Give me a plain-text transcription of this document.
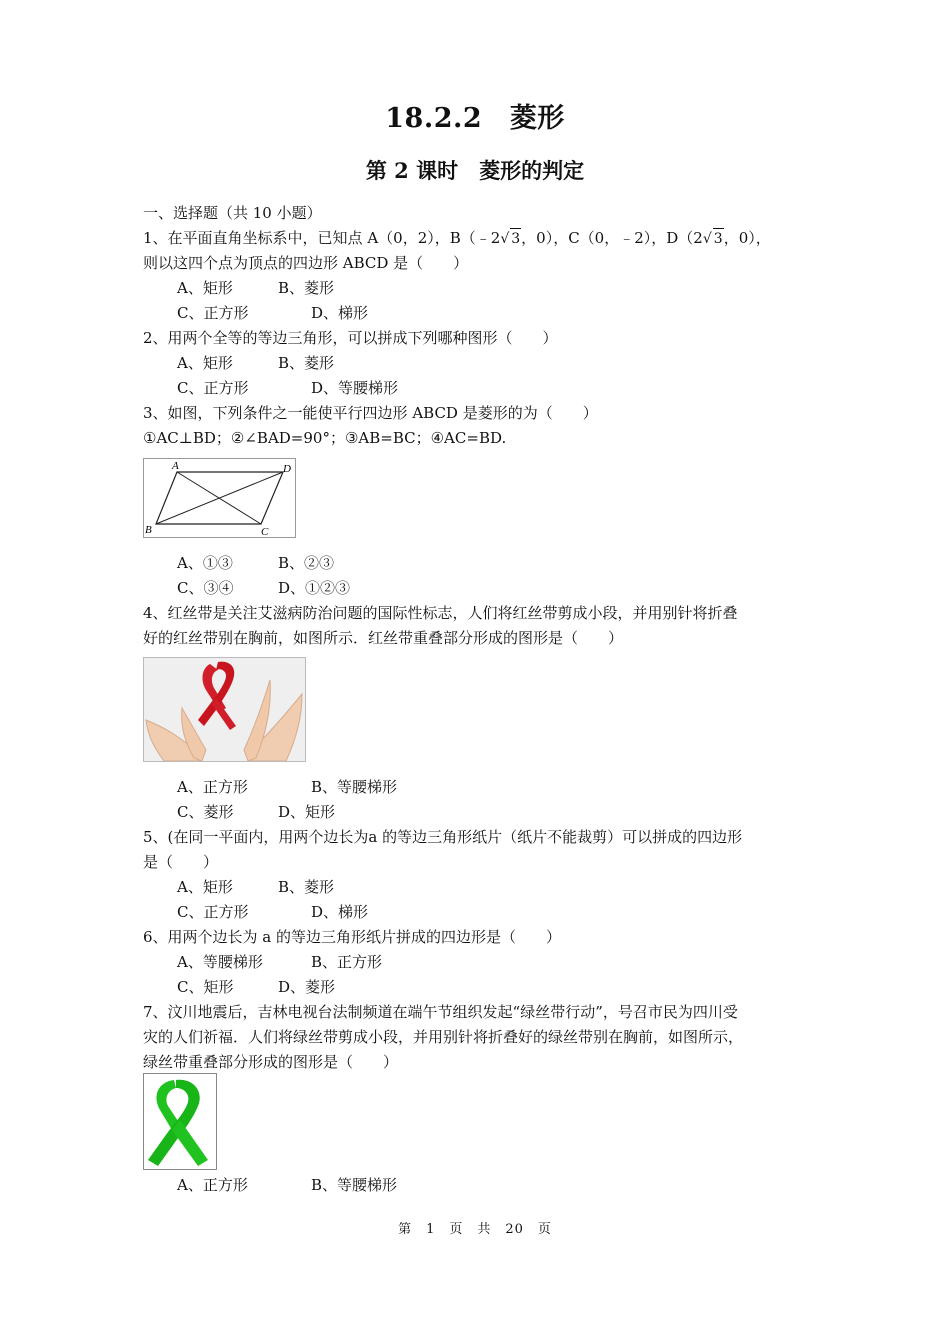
18.2.2　菱形
第 2 课时　菱形的判定
一、选择题（共 10 小题）
1、在平面直角坐标系中，已知点 A（0，2），B（﹣2√ 3，0），C（0，﹣2），D（2√ 3，0），
则以这四个点为顶点的四边形 ABCD 是（　　）
A、矩形	B、菱形
C、正方形	D、梯形
2、用两个全等的等边三角形，可以拼成下列哪种图形（　　）
A、矩形	B、菱形
C、正方形	D、等腰梯形
3、如图，下列条件之一能使平行四边形 ABCD 是菱形的为（　　）
①AC⊥BD；②∠BAD=90°；③AB=BC；④AC=BD.
A	D
B	C
A、①③	B、②③
C、③④	D、①②③
4、红丝带是关注艾滋病防治问题的国际性标志，人们将红丝带剪成小段，并用别针将折叠
好的红丝带别在胸前，如图所示．红丝带重叠部分形成的图形是（　　）
A、正方形	B、等腰梯形
C、菱形	D、矩形
5、(在同一平面内，用两个边长为a 的等边三角形纸片（纸片不能裁剪）可以拼成的四边形
是（　　）
A、矩形	B、菱形
C、正方形	D、梯形
6、用两个边长为 a 的等边三角形纸片拼成的四边形是（　　）
A、等腰梯形	B、正方形
C、矩形	D、菱形
7、汶川地震后，吉林电视台法制频道在端午节组织发起“绿丝带行动”，号召市民为四川受
灾的人们祈福．人们将绿丝带剪成小段，并用别针将折叠好的绿丝带别在胸前，如图所示，
绿丝带重叠部分形成的图形是（　　）
A、正方形	B、等腰梯形
第　1　页　共　20　页
